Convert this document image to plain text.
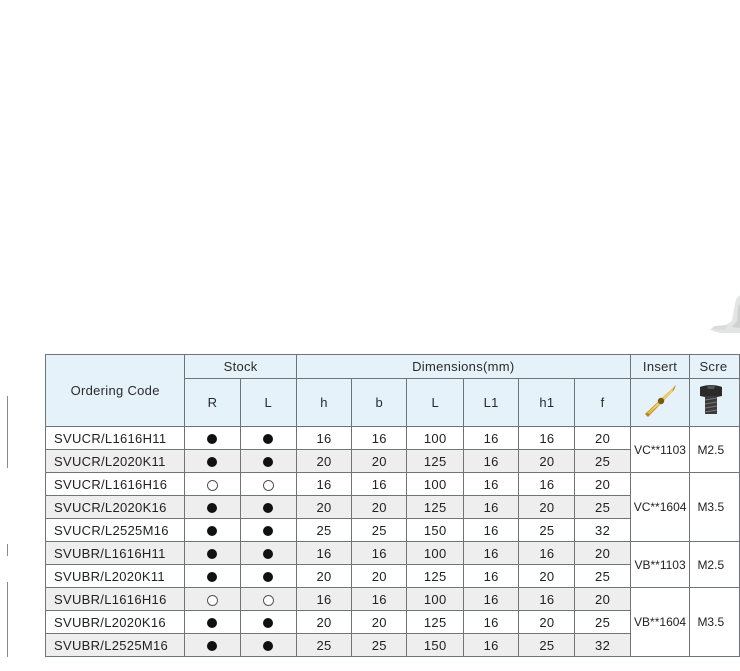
Ordering Code	Stock		Dimensions(mm)						Insert	Scre
	R	L	h	b	L	L1	h1	f		
SVUCR/L1616H11			16	16	100	16	16	20	VC**1103	M2.5
SVUCR/L2020K11			20	20	125	16	20	25		
SVUCR/L1616H16			16	16	100	16	16	20	VC**1604	M3.5
SVUCR/L2020K16			20	20	125	16	20	25		
SVUCR/L2525M16			25	25	150	16	25	32		
SVUBR/L1616H11			16	16	100	16	16	20	VB**1103	M2.5
SVUBR/L2020K11			20	20	125	16	20	25		
SVUBR/L1616H16			16	16	100	16	16	20	VB**1604	M3.5
SVUBR/L2020K16			20	20	125	16	20	25		
SVUBR/L2525M16			25	25	150	16	25	32		
